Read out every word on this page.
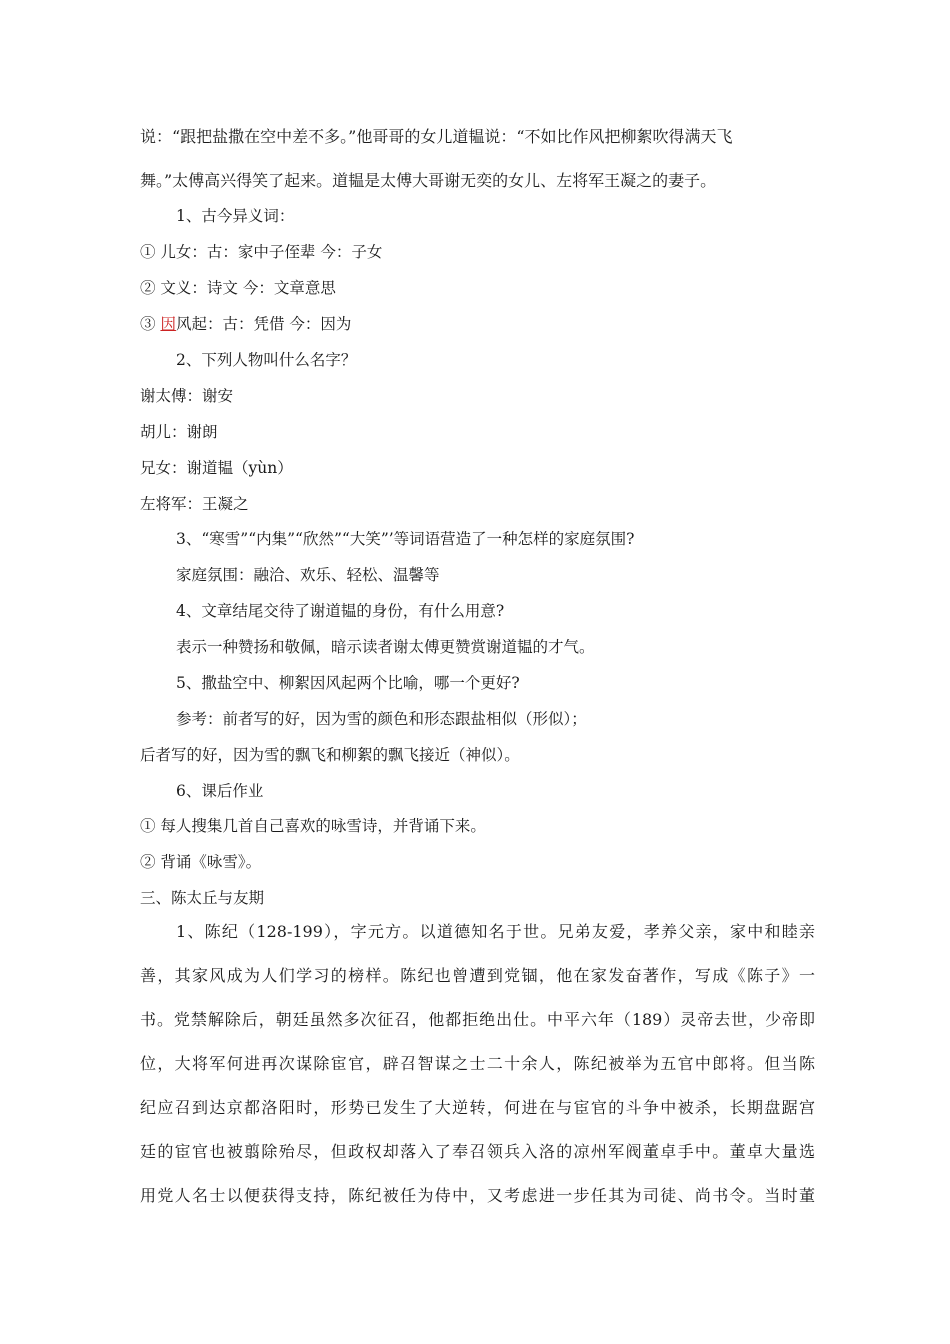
说：“跟把盐撒在空中差不多。”他哥哥的女儿道韫说：“不如比作风把柳絮吹得满天飞
舞。”太傅高兴得笑了起来。道韫是太傅大哥谢无奕的女儿、左将军王凝之的妻子。
1、古今异义词：
① 儿女：古：家中子侄辈 今：子女
② 文义：诗文 今：文章意思
③ 因风起：古：凭借 今：因为
2、下列人物叫什么名字？
谢太傅：谢安
胡儿：谢朗
兄女：谢道韫（yùn）
左将军：王凝之
3、“寒雪”“内集”“欣然”“大笑”’等词语营造了一种怎样的家庭氛围?
家庭氛围：融洽、欢乐、轻松、温馨等
4、文章结尾交待了谢道韫的身份，有什么用意?
表示一种赞扬和敬佩，暗示读者谢太傅更赞赏谢道韫的才气。
5、撒盐空中、柳絮因风起两个比喻，哪一个更好?
参考：前者写的好，因为雪的颜色和形态跟盐相似（形似）；
后者写的好，因为雪的飘飞和柳絮的飘飞接近（神似）。
6、课后作业
① 每人搜集几首自己喜欢的咏雪诗，并背诵下来。
② 背诵《咏雪》。
三、陈太丘与友期
1、陈纪（128-199），字元方。以道德知名于世。兄弟友爱，孝养父亲，家中和睦亲
善，其家风成为人们学习的榜样。陈纪也曾遭到党锢，他在家发奋著作，写成《陈子》一
书。党禁解除后，朝廷虽然多次征召，他都拒绝出仕。中平六年（189）灵帝去世，少帝即
位，大将军何进再次谋除宦官，辟召智谋之士二十余人，陈纪被举为五官中郎将。但当陈
纪应召到达京都洛阳时，形势已发生了大逆转，何进在与宦官的斗争中被杀，长期盘踞宫
廷的宦官也被翦除殆尽，但政权却落入了奉召领兵入洛的凉州军阀董卓手中。董卓大量选
用党人名士以便获得支持，陈纪被任为侍中，又考虑进一步任其为司徒、尚书令。当时董
